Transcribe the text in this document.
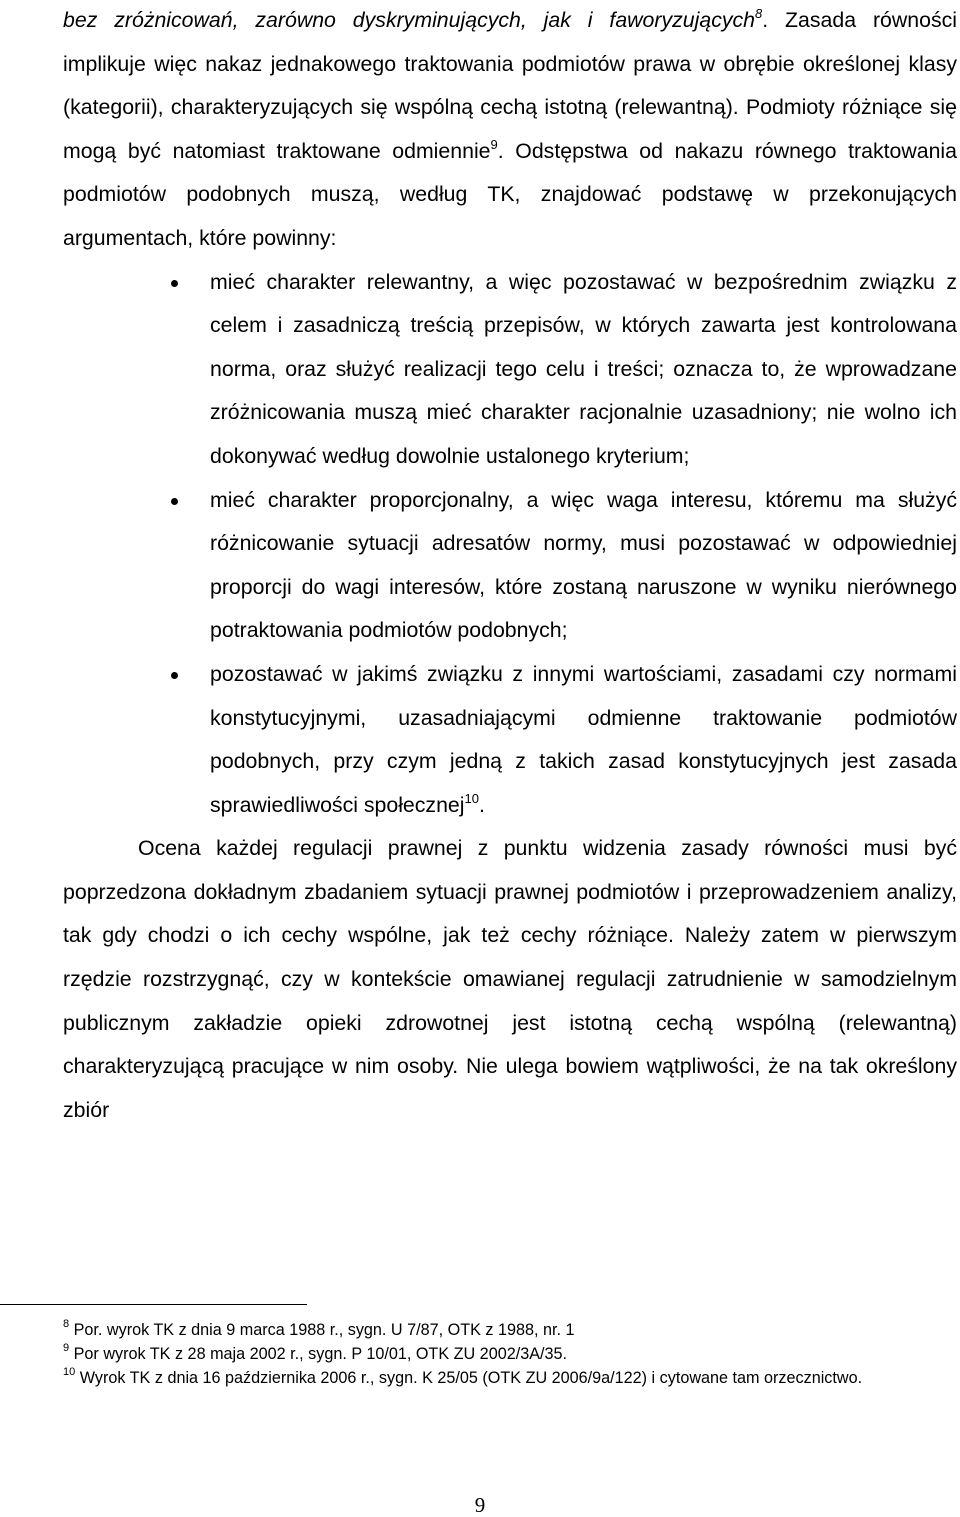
bez zróżnicowań, zarówno dyskryminujących, jak i faworyzujących$^8$. Zasada równości implikuje więc nakaz jednakowego traktowania podmiotów prawa w obrębie określonej klasy (kategorii), charakteryzujących się wspólną cechą istotną (relewantną). Podmioty różniące się mogą być natomiast traktowane odmiennie$^9$. Odstępstwa od nakazu równego traktowania podmiotów podobnych muszą, według TK, znajdować podstawę w przekonujących argumentach, które powinny:

mieć charakter relewantny, a więc pozostawać w bezpośrednim związku z celem i zasadniczą treścią przepisów, w których zawarta jest kontrolowana norma, oraz służyć realizacji tego celu i treści; oznacza to, że wprowadzane zróżnicowania muszą mieć charakter racjonalnie uzasadniony; nie wolno ich dokonywać według dowolnie ustalonego kryterium;
mieć charakter proporcjonalny, a więc waga interesu, któremu ma służyć różnicowanie sytuacji adresatów normy, musi pozostawać w odpowiedniej proporcji do wagi interesów, które zostaną naruszone w wyniku nierównego potraktowania podmiotów podobnych;
pozostawać w jakimś związku z innymi wartościami, zasadami czy normami konstytucyjnymi, uzasadniającymi odmienne traktowanie podmiotów podobnych, przy czym jedną z takich zasad konstytucyjnych jest zasada sprawiedliwości społecznej$^{10}$.

Ocena każdej regulacji prawnej z punktu widzenia zasady równości musi być poprzedzona dokładnym zbadaniem sytuacji prawnej podmiotów i przeprowadzeniem analizy, tak gdy chodzi o ich cechy wspólne, jak też cechy różniące. Należy zatem w pierwszym rzędzie rozstrzygnąć, czy w kontekście omawianej regulacji zatrudnienie w samodzielnym publicznym zakładzie opieki zdrowotnej jest istotną cechą wspólną (relewantną) charakteryzującą pracujące w nim osoby. Nie ulega bowiem wątpliwości, że na tak określony zbiór

$^8$ Por. wyrok TK z dnia 9 marca 1988 r., sygn. U 7/87, OTK z 1988, nr. 1

$^9$ Por wyrok TK z 28 maja 2002 r., sygn. P 10/01, OTK ZU 2002/3A/35.

$^{10}$ Wyrok TK z dnia 16 października 2006 r., sygn. K 25/05 (OTK ZU 2006/9a/122) i cytowane tam orzecznictwo.

9
